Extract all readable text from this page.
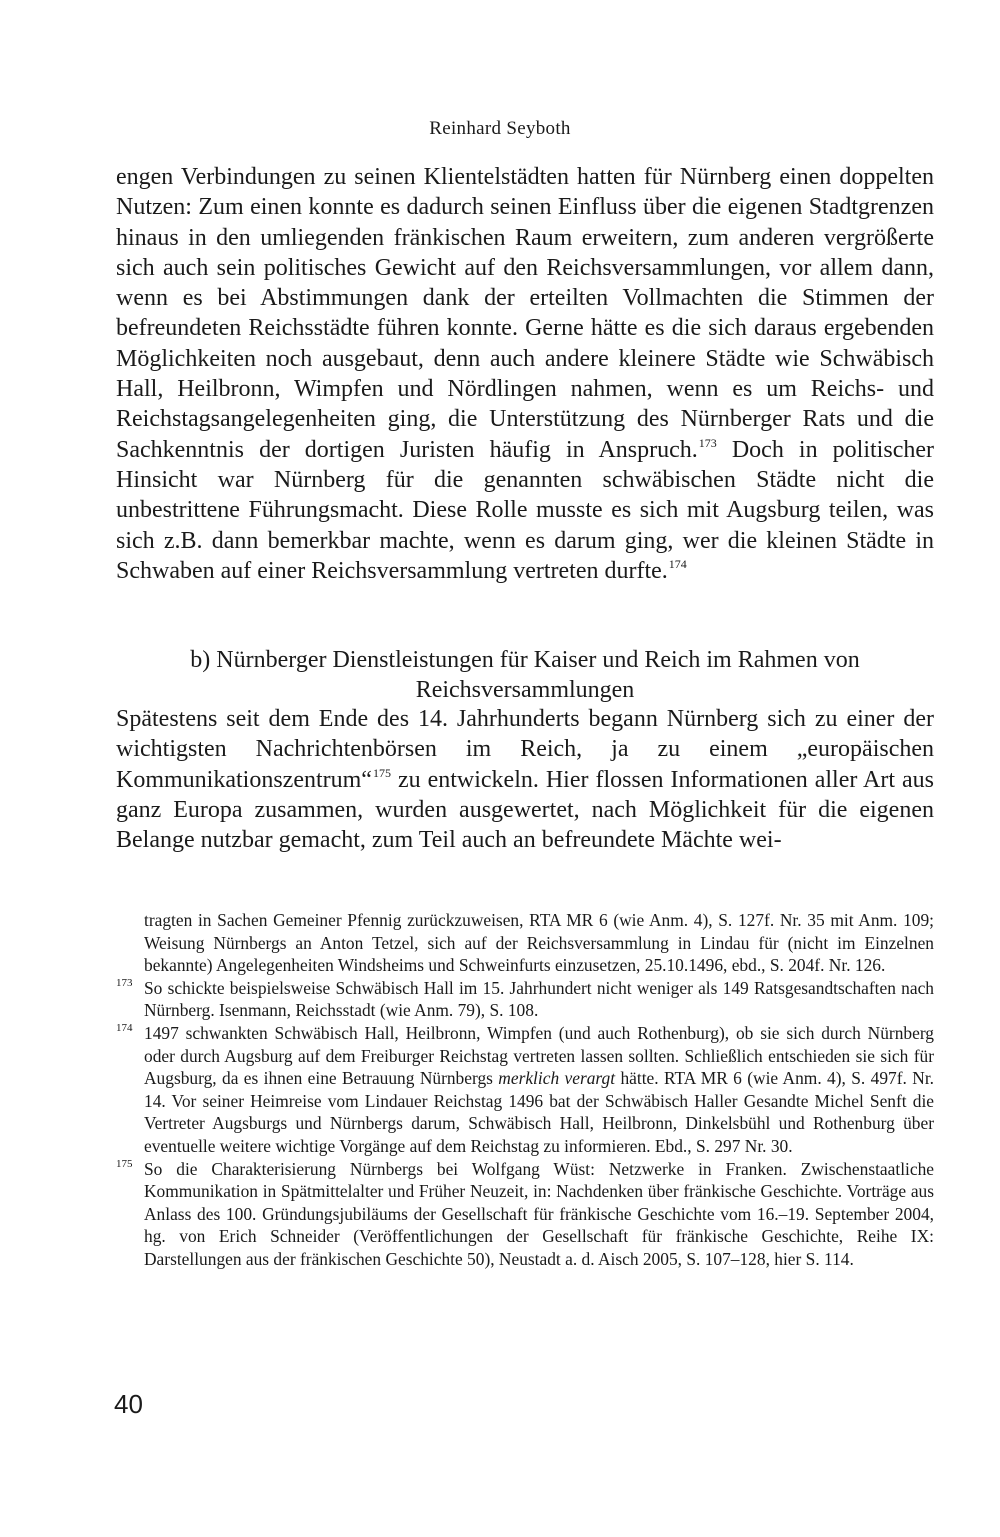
Reinhard Seyboth

engen Verbindungen zu seinen Klientelstädten hatten für Nürnberg einen doppelten Nutzen: Zum einen konnte es dadurch seinen Einfluss über die eigenen Stadtgrenzen hinaus in den umliegenden fränkischen Raum erweitern, zum anderen vergrößerte sich auch sein politisches Gewicht auf den Reichsversammlungen, vor allem dann, wenn es bei Abstimmungen dank der erteilten Vollmachten die Stimmen der befreundeten Reichsstädte führen konnte. Gerne hätte es die sich daraus ergebenden Möglichkeiten noch ausgebaut, denn auch andere kleinere Städte wie Schwäbisch Hall, Heilbronn, Wimpfen und Nördlingen nahmen, wenn es um Reichs- und Reichstagsangelegenheiten ging, die Unterstützung des Nürnberger Rats und die Sachkenntnis der dortigen Juristen häufig in Anspruch.$^{173}$ Doch in politischer Hinsicht war Nürnberg für die genannten schwäbischen Städte nicht die unbestrittene Führungsmacht. Diese Rolle musste es sich mit Augsburg teilen, was sich z.B. dann bemerkbar machte, wenn es darum ging, wer die kleinen Städte in Schwaben auf einer Reichsversammlung vertreten durfte.$^{174}$

b) Nürnberger Dienstleistungen für Kaiser und Reich im Rahmen von
Reichsversammlungen

Spätestens seit dem Ende des 14. Jahrhunderts begann Nürnberg sich zu einer der wichtigsten Nachrichtenbörsen im Reich, ja zu einem „europäischen Kommunikationszentrum“$^{175}$ zu entwickeln. Hier flossen Informationen aller Art aus ganz Europa zusammen, wurden ausgewertet, nach Möglichkeit für die eigenen Belange nutzbar gemacht, zum Teil auch an befreundete Mächte wei-

tragten in Sachen Gemeiner Pfennig zurückzuweisen, RTA MR 6 (wie Anm. 4), S. 127f. Nr. 35 mit Anm. 109; Weisung Nürnbergs an Anton Tetzel, sich auf der Reichsversammlung in Lindau für (nicht im Einzelnen bekannte) Angelegenheiten Windsheims und Schweinfurts einzusetzen, 25.10.1496, ebd., S. 204f. Nr. 126.

173 So schickte beispielsweise Schwäbisch Hall im 15. Jahrhundert nicht weniger als 149 Ratsgesandtschaften nach Nürnberg. Isenmann, Reichsstadt (wie Anm. 79), S. 108.

174 1497 schwankten Schwäbisch Hall, Heilbronn, Wimpfen (und auch Rothenburg), ob sie sich durch Nürnberg oder durch Augsburg auf dem Freiburger Reichstag vertreten lassen sollten. Schließlich entschieden sie sich für Augsburg, da es ihnen eine Betrauung Nürnbergs merklich verargt hätte. RTA MR 6 (wie Anm. 4), S. 497f. Nr. 14. Vor seiner Heimreise vom Lindauer Reichstag 1496 bat der Schwäbisch Haller Gesandte Michel Senft die Vertreter Augsburgs und Nürnbergs darum, Schwäbisch Hall, Heilbronn, Dinkelsbühl und Rothenburg über eventuelle weitere wichtige Vorgänge auf dem Reichstag zu informieren. Ebd., S. 297 Nr. 30.

175 So die Charakterisierung Nürnbergs bei Wolfgang Wüst: Netzwerke in Franken. Zwischenstaatliche Kommunikation in Spätmittelalter und Früher Neuzeit, in: Nachdenken über fränkische Geschichte. Vorträge aus Anlass des 100. Gründungsjubiläums der Gesellschaft für fränkische Geschichte vom 16.–19. September 2004, hg. von Erich Schneider (Veröffentlichungen der Gesellschaft für fränkische Geschichte, Reihe IX: Darstellungen aus der fränkischen Geschichte 50), Neustadt a. d. Aisch 2005, S. 107–128, hier S. 114.

40
